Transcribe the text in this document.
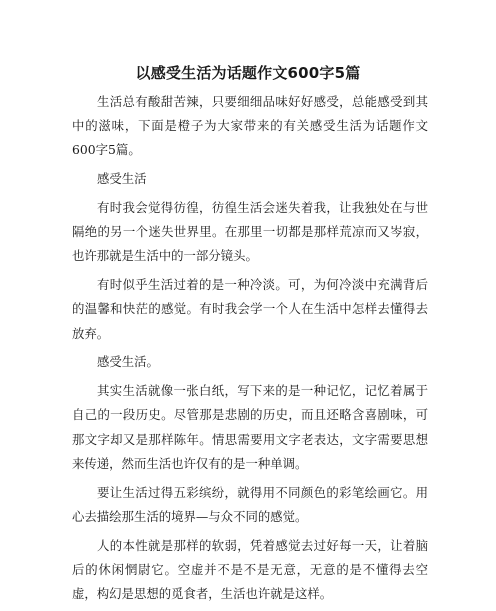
以感受生活为话题作文600字5篇

生活总有酸甜苦辣，只要细细品味好好感受，总能感受到其中的滋味，下面是橙子为大家带来的有关感受生活为话题作文600字5篇。

感受生活

有时我会觉得彷徨，彷徨生活会迷失着我，让我独处在与世隔绝的另一个迷失世界里。在那里一切都是那样荒凉而又岑寂，也许那就是生活中的一部分镜头。

有时似乎生活过着的是一种冷淡。可，为何冷淡中充满背后的温馨和快茫的感觉。有时我会学一个人在生活中怎样去懂得去放弃。

感受生活。

其实生活就像一张白纸，写下来的是一种记忆，记忆着属于自己的一段历史。尽管那是悲剧的历史，而且还略含喜剧味，可那文字却又是那样陈年。情思需要用文字老表达，文字需要思想来传递，然而生活也许仅有的是一种单调。

要让生活过得五彩缤纷，就得用不同颜色的彩笔绘画它。用心去描绘那生活的境界—与众不同的感觉。

人的本性就是那样的软弱，凭着感觉去过好每一天，让着脑后的休闲惘尉它。空虚并不是不是无意，无意的是不懂得去空虚，构幻是思想的觅食者，生活也许就是这样。
